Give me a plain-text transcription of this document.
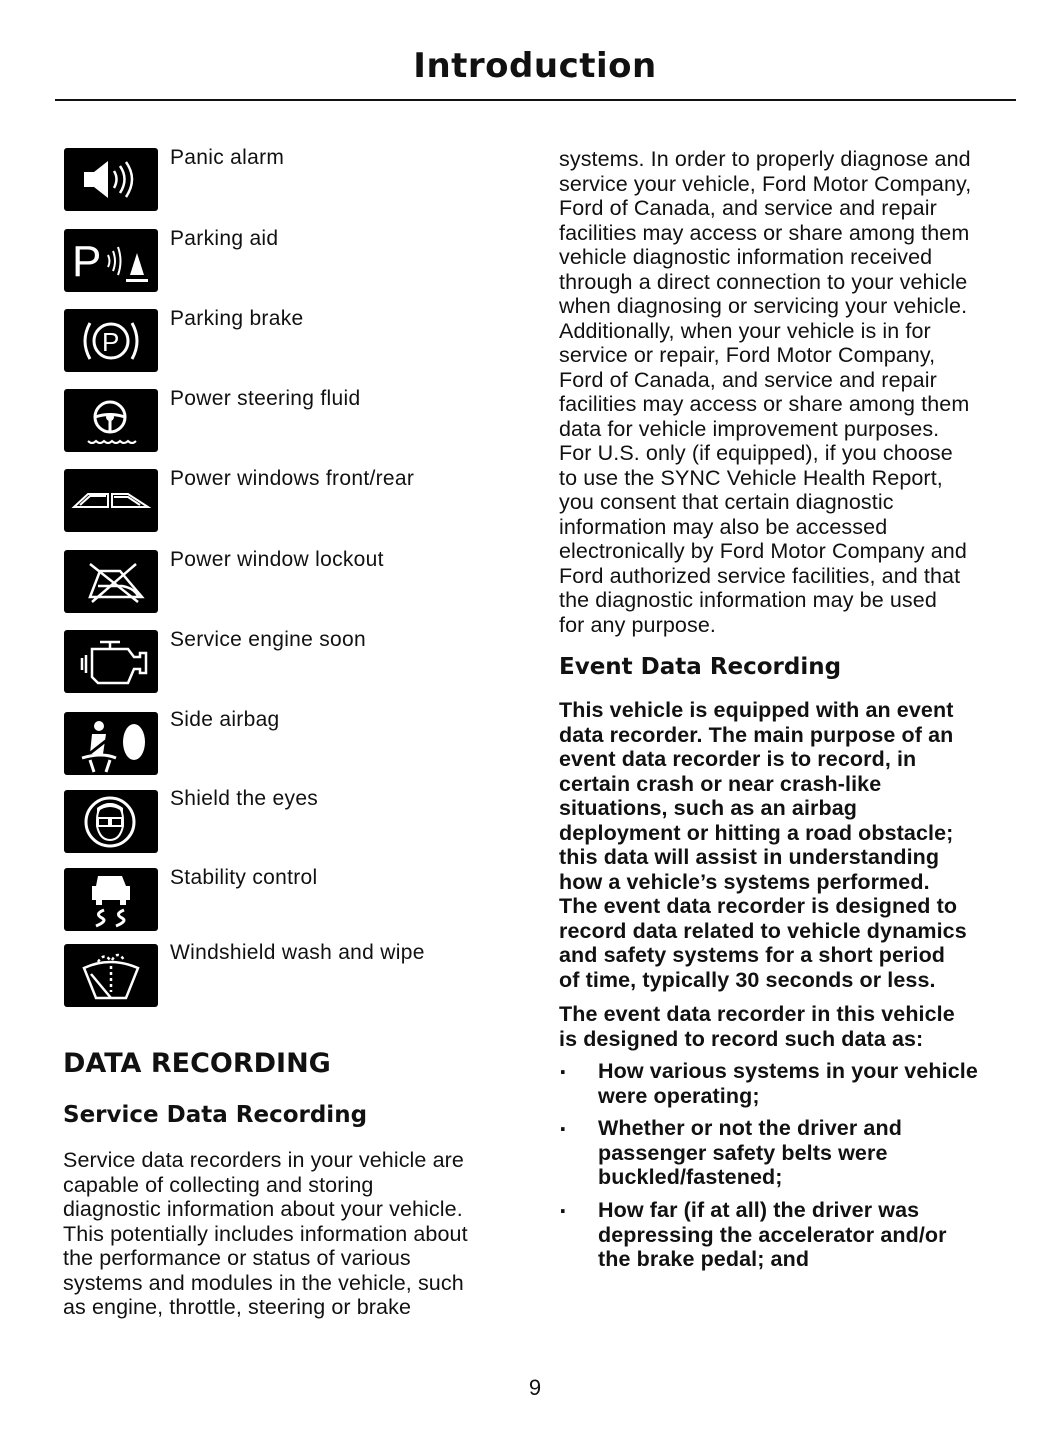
Introduction
P
P
Panic alarm
Parking aid
Parking brake
Power steering fluid
Power windows front/rear
Power window lockout
Service engine soon
Side airbag
Shield the eyes
Stability control
Windshield wash and wipe
DATA RECORDING
Service Data Recording
Service data recorders in your vehicle are
capable of collecting and storing
diagnostic information about your vehicle.
This potentially includes information about
the performance or status of various
systems and modules in the vehicle, such
as engine, throttle, steering or brake
systems. In order to properly diagnose and
service your vehicle, Ford Motor Company,
Ford of Canada, and service and repair
facilities may access or share among them
vehicle diagnostic information received
through a direct connection to your vehicle
when diagnosing or servicing your vehicle.
Additionally, when your vehicle is in for
service or repair, Ford Motor Company,
Ford of Canada, and service and repair
facilities may access or share among them
data for vehicle improvement purposes.
For U.S. only (if equipped), if you choose
to use the SYNC Vehicle Health Report,
you consent that certain diagnostic
information may also be accessed
electronically by Ford Motor Company and
Ford authorized service facilities, and that
the diagnostic information may be used
for any purpose.
Event Data Recording
This vehicle is equipped with an event
data recorder. The main purpose of an
event data recorder is to record, in
certain crash or near crash-like
situations, such as an airbag
deployment or hitting a road obstacle;
this data will assist in understanding
how a vehicle’s systems performed.
The event data recorder is designed to
record data related to vehicle dynamics
and safety systems for a short period
of time, typically 30 seconds or less.
The event data recorder in this vehicle
is designed to record such data as:
· How various systems in your vehicle
were operating;
· Whether or not the driver and
passenger safety belts were
buckled/fastened;
· How far (if at all) the driver was
depressing the accelerator and/or
the brake pedal; and
9
